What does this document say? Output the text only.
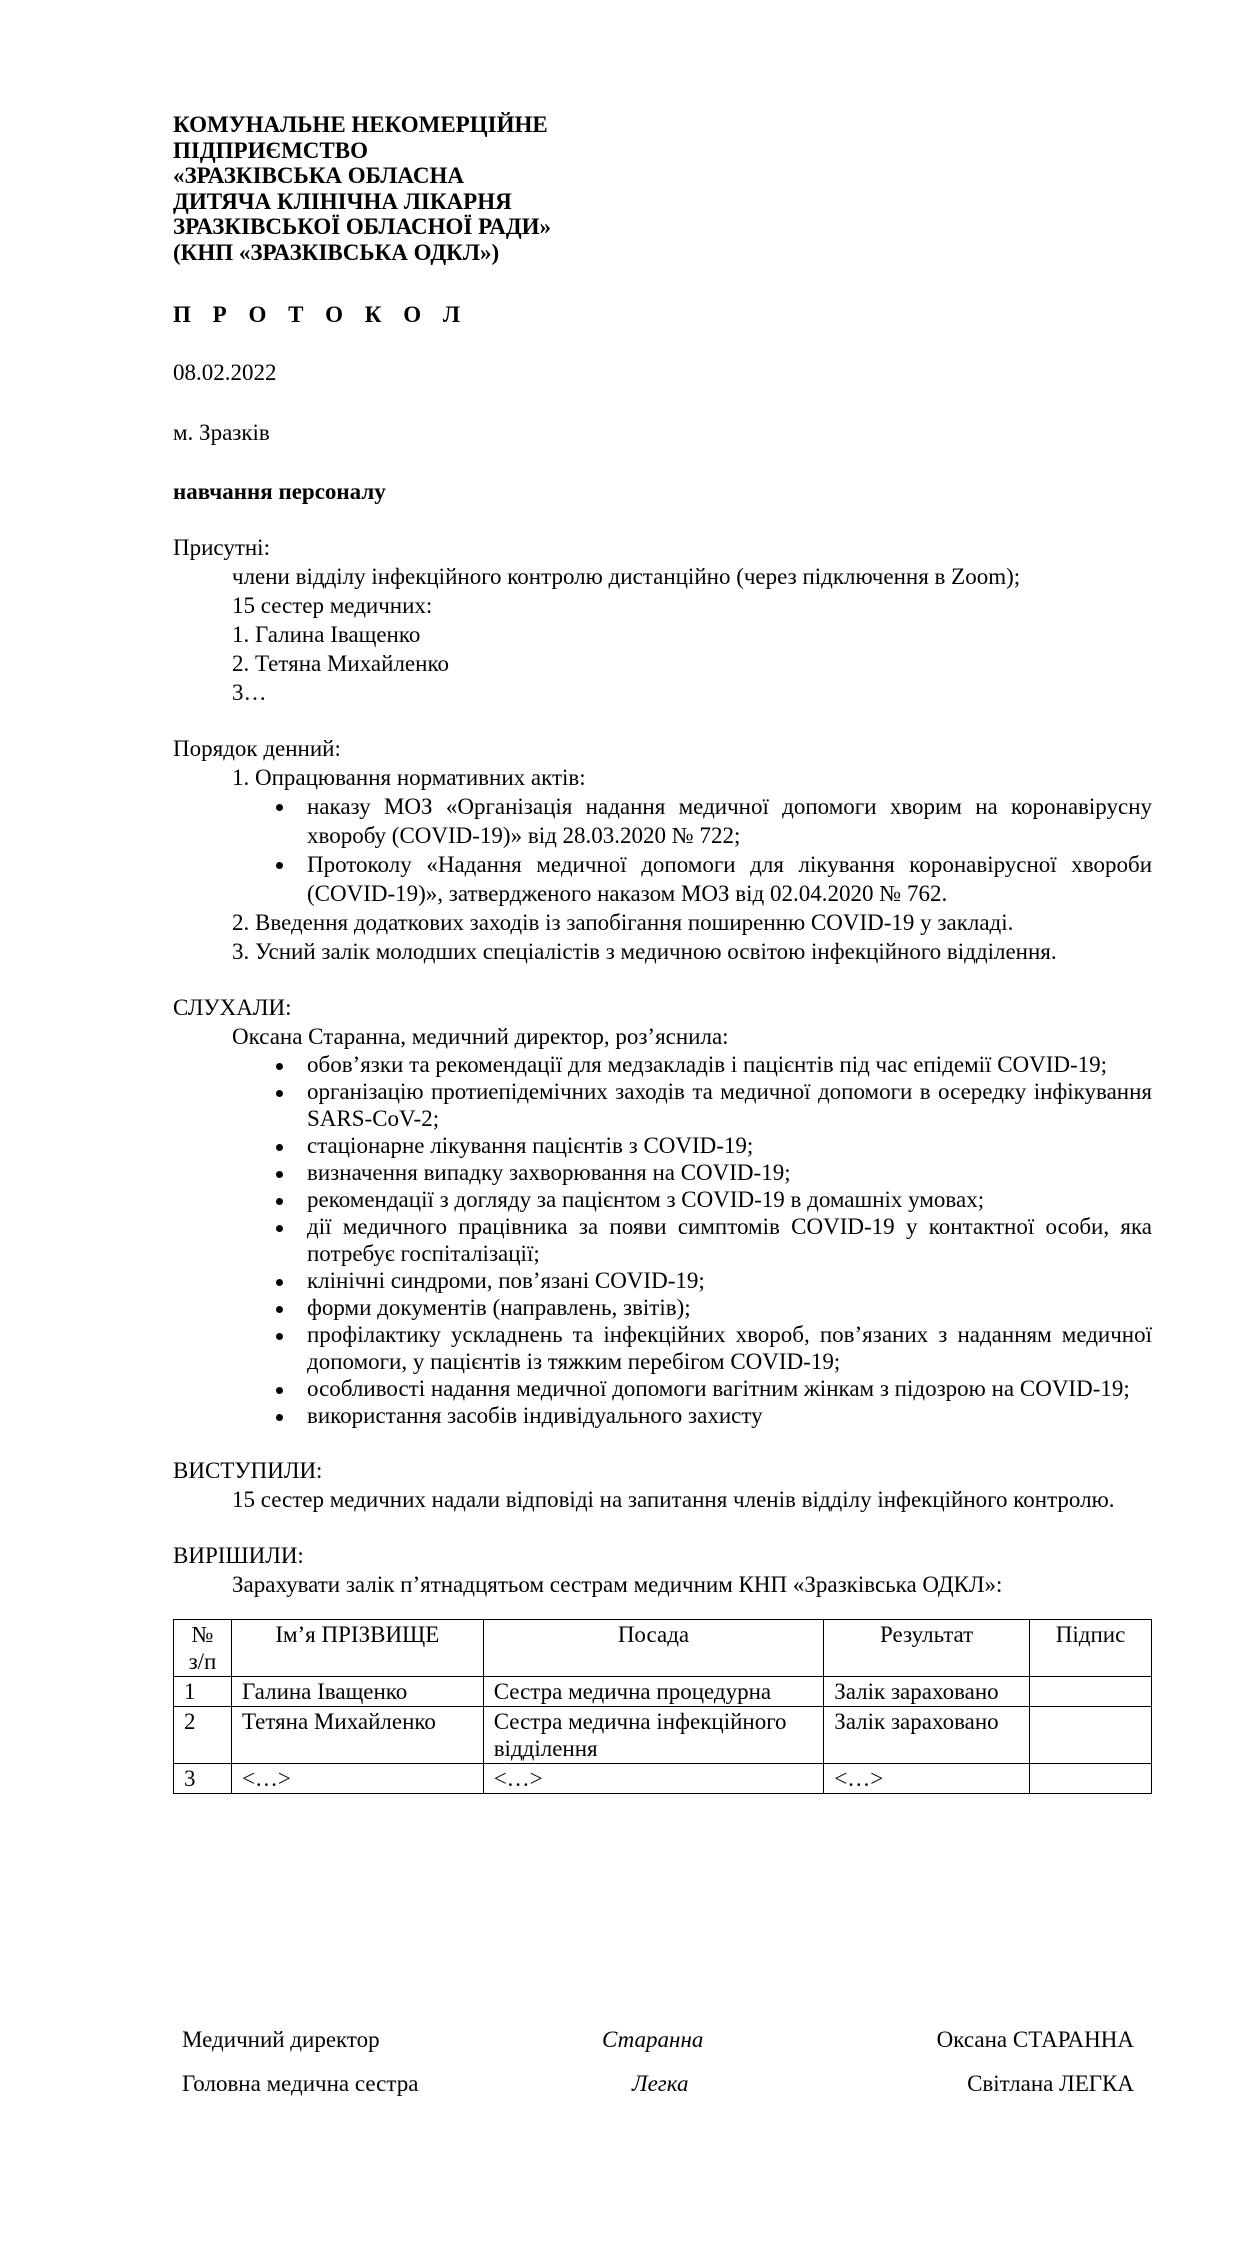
КОМУНАЛЬНЕ НЕКОМЕРЦІЙНЕ
ПІДПРИЄМСТВО
«ЗРАЗКІВСЬКА ОБЛАСНА
ДИТЯЧА КЛІНІЧНА ЛІКАРНЯ
ЗРАЗКІВСЬКОЇ ОБЛАСНОЇ РАДИ»
(КНП «ЗРАЗКІВСЬКА ОДКЛ»)
П Р О Т О К О Л
08.02.2022
м. Зразків
навчання персоналу
Присутні:
члени відділу інфекційного контролю дистанційно (через підключення в Zoom);
15 сестер медичних:
1. Галина Іващенко
2. Тетяна Михайленко
3…
Порядок денний:
1. Опрацювання нормативних актів:
наказу МОЗ «Організація надання медичної допомоги хворим на коронавірусну хворобу (COVID-19)» від 28.03.2020 № 722;
Протоколу «Надання медичної допомоги для лікування коронавірусної хвороби (COVID-19)», затвердженого наказом МОЗ від 02.04.2020 № 762.
2. Введення додаткових заходів із запобігання поширенню COVID-19 у закладі.
3. Усний залік молодших спеціалістів з медичною освітою інфекційного відділення.
СЛУХАЛИ:
Оксана Старанна, медичний директор, роз’яснила:
обов’язки та рекомендації для медзакладів і пацієнтів під час епідемії COVID-19;
організацію протиепідемічних заходів та медичної допомоги в осередку інфікування SARS-CoV-2;
стаціонарне лікування пацієнтів з COVID-19;
визначення випадку захворювання на COVID-19;
рекомендації з догляду за пацієнтом з COVID-19 в домашніх умовах;
дії медичного працівника за появи симптомів COVID-19 у контактної особи, яка потребує госпіталізації;
клінічні синдроми, пов’язані COVID-19;
форми документів (направлень, звітів);
профілактику ускладнень та інфекційних хвороб, пов’язаних з наданням медичної допомоги, у пацієнтів із тяжким перебігом COVID-19;
особливості надання медичної допомоги вагітним жінкам з підозрою на COVID-19;
використання засобів індивідуального захисту
ВИСТУПИЛИ:
15 сестер медичних надали відповіді на запитання членів відділу інфекційного контролю.
ВИРІШИЛИ:
Зарахувати залік п’ятнадцятьом сестрам медичним КНП «Зразківська ОДКЛ»:
№ з/п	Ім’я ПРІЗВИЩЕ	Посада	Результат	Підпис
1	Галина Іващенко	Сестра медична процедурна	Залік зараховано	
2	Тетяна Михайленко	Сестра медична інфекційного відділення	Залік зараховано	
3	<…>	<…>	<…>	
Медичний директор	Старанна	Оксана СТАРАННА
Головна медична сестра	Легка	Світлана ЛЕГКА
